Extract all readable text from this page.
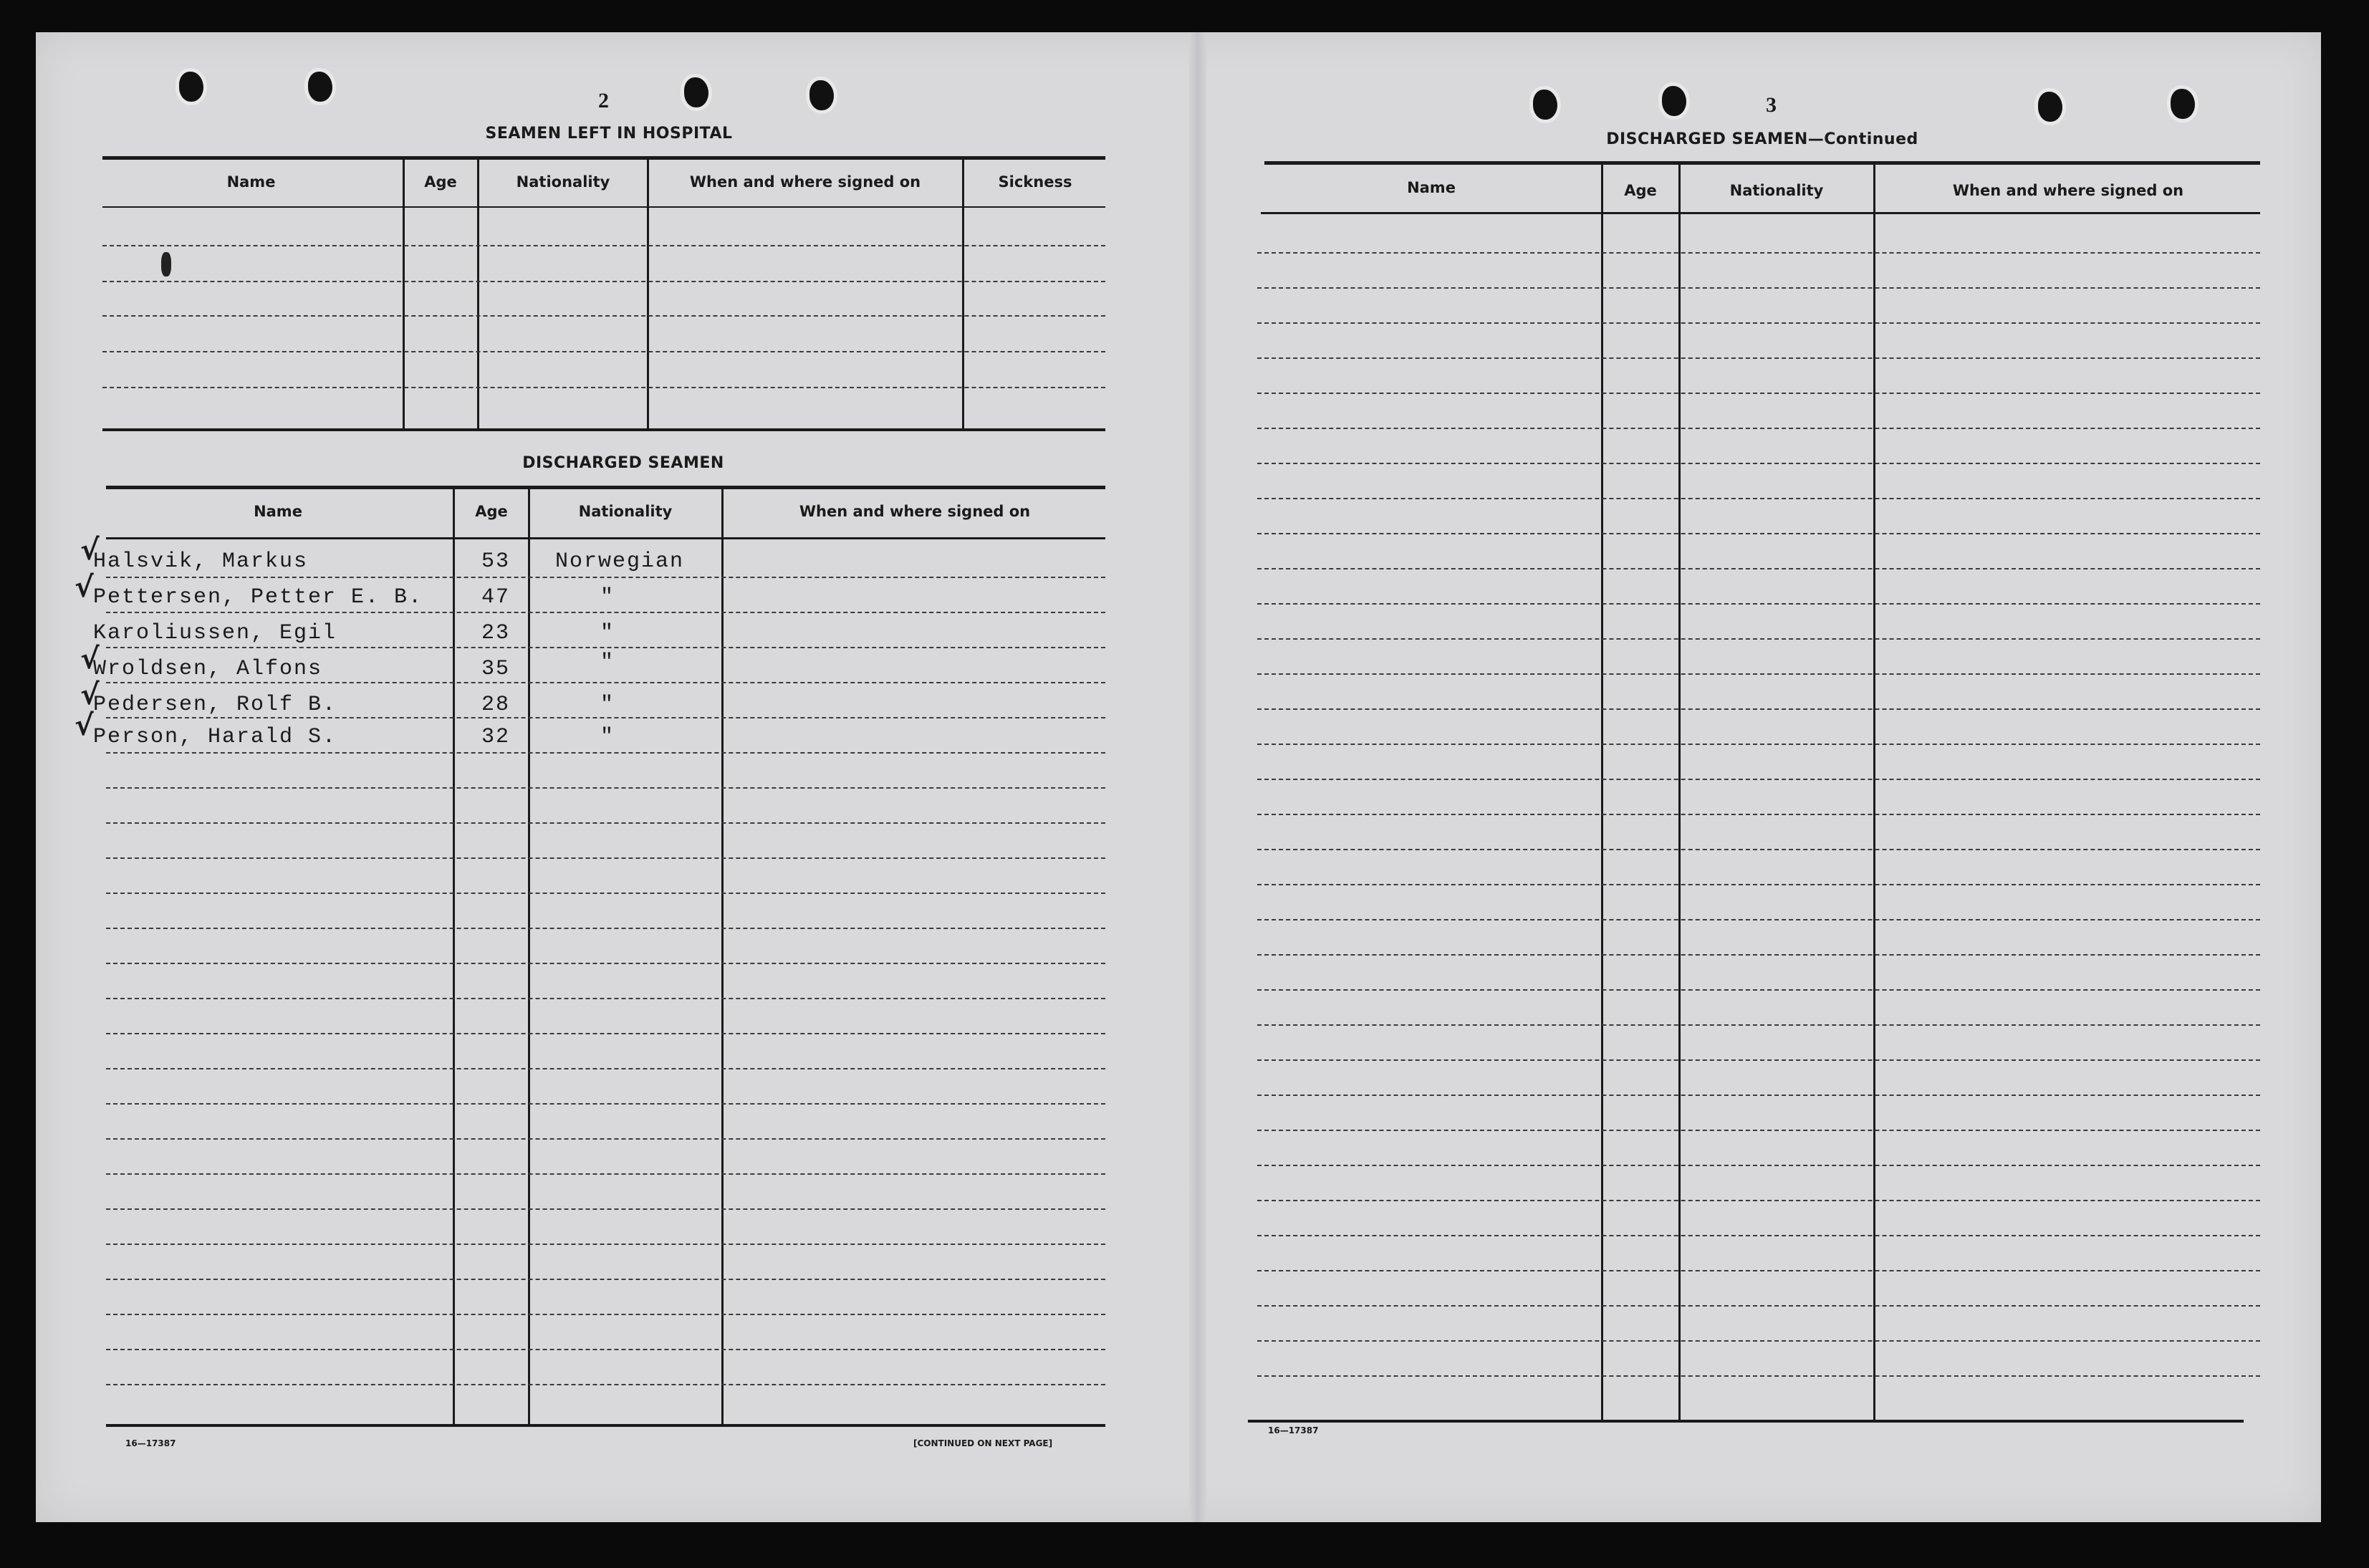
2
SEAMEN LEFT IN HOSPITAL
Name	Age	Nationality	When and where signed on	Sickness
DISCHARGED SEAMEN
Name	Age	Nationality	When and where signed on
√
Halsvik, Markus	53 Norwegian
√ Pettersen, Petter E. B.	47	"
Karoliussen, Egil	23	"
√
Wroldsen, Alfons	35	"
√
Pedersen, Rolf B.	28	"
√ Person, Harald S.	32	"
16—17387	[CONTINUED ON NEXT PAGE]
3
DISCHARGED SEAMEN—Continued
Name	Age	Nationality	When and where signed on
16—17387
